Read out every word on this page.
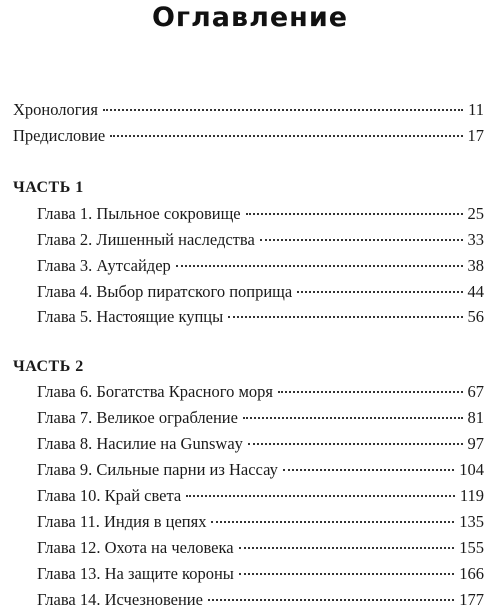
Оглавление
Хронология	11
Предисловие	17
ЧАСТЬ 1
Глава 1. Пыльное сокровище	25
Глава 2. Лишенный наследства	33
Глава 3. Аутсайдер	38
Глава 4. Выбор пиратского поприща	44
Глава 5. Настоящие купцы	56
ЧАСТЬ 2
Глава 6. Богатства Красного моря	67
Глава 7. Великое ограбление	81
Глава 8. Насилие на Gunsway	97
Глава 9. Сильные парни из Нассау	104
Глава 10. Край света	119
Глава 11. Индия в цепях	135
Глава 12. Охота на человека	155
Глава 13. На защите короны	166
Глава 14. Исчезновение	177
